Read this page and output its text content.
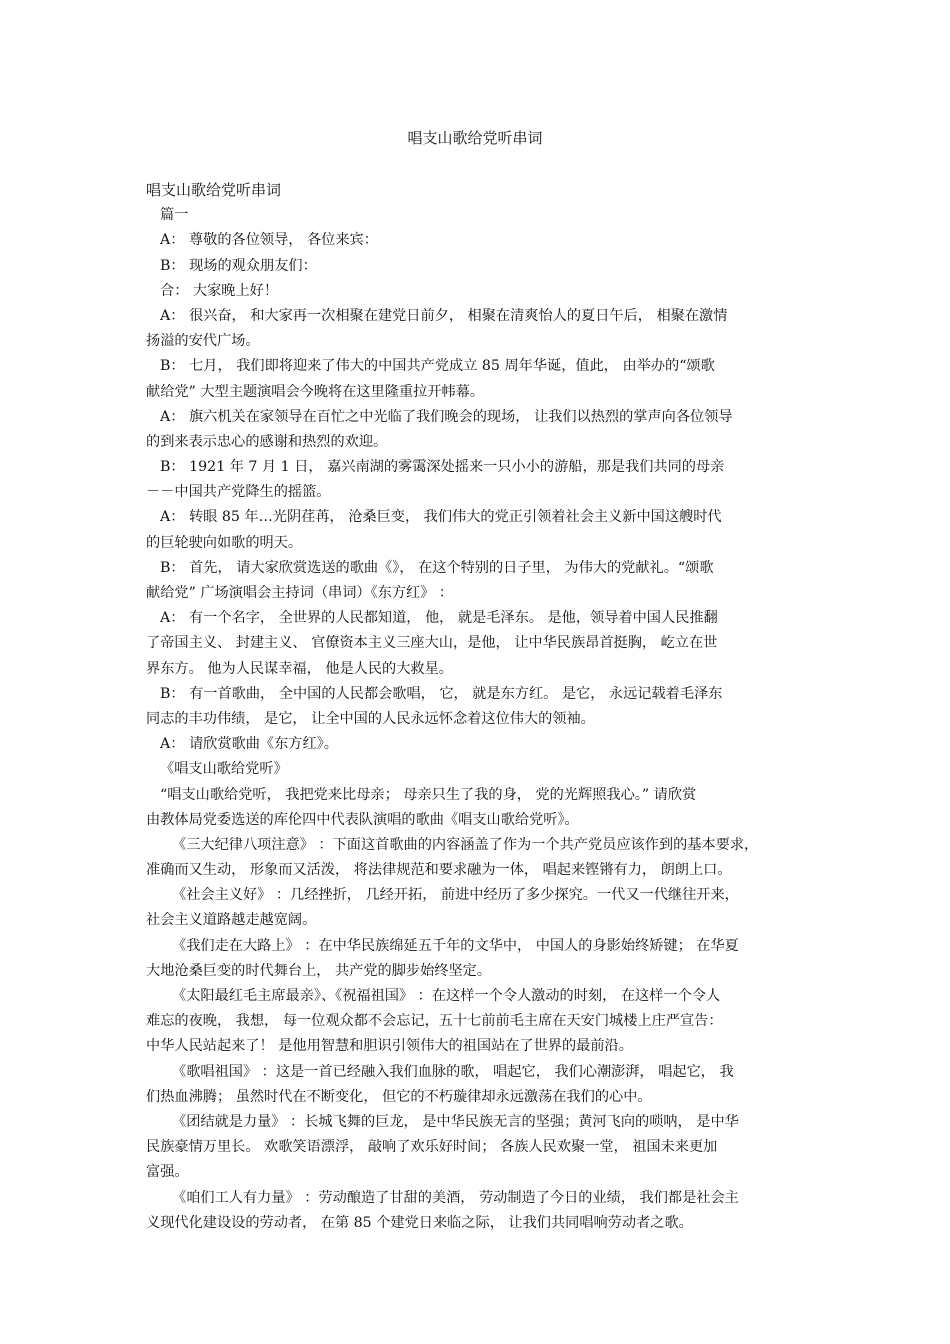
唱支山歌给党听串词
唱支山歌给党听串词
篇一
A： 尊敬的各位领导， 各位来宾：
B： 现场的观众朋友们：
合： 大家晚上好！
A： 很兴奋， 和大家再一次相聚在建党日前夕， 相聚在清爽怡人的夏日午后， 相聚在激情
扬溢的安代广场。
B： 七月， 我们即将迎来了伟大的中国共产党成立 85 周年华诞，值此， 由举办的“颂歌
献给党” 大型主题演唱会今晚将在这里隆重拉开帏幕。
A： 旗六机关在家领导在百忙之中光临了我们晚会的现场， 让我们以热烈的掌声向各位领导
的到来表示忠心的感谢和热烈的欢迎。
B： 1921 年 7 月 1 日， 嘉兴南湖的雾霭深处摇来一只小小的游船，那是我们共同的母亲
－－中国共产党降生的摇篮。
A： 转眼 85 年…光阴荏苒， 沧桑巨变， 我们伟大的党正引领着社会主义新中国这艘时代
的巨轮驶向如歌的明天。
B： 首先， 请大家欣赏选送的歌曲《》， 在这个特别的日子里， 为伟大的党献礼。“颂歌
献给党” 广场演唱会主持词（串词）《东方红》 ：
A： 有一个名字， 全世界的人民都知道， 他， 就是毛泽东。 是他，领导着中国人民推翻
了帝国主义、 封建主义、 官僚资本主义三座大山，是他， 让中华民族昂首挺胸， 屹立在世
界东方。 他为人民谋幸福， 他是人民的大救星。
B： 有一首歌曲， 全中国的人民都会歌唱， 它， 就是东方红。 是它， 永远记载着毛泽东
同志的丰功伟绩， 是它， 让全中国的人民永远怀念着这位伟大的领袖。
A： 请欣赏歌曲《东方红》。
《唱支山歌给党听》
“唱支山歌给党听， 我把党来比母亲； 母亲只生了我的身， 党的光辉照我心。” 请欣赏
由教体局党委选送的库伦四中代表队演唱的歌曲《唱支山歌给党听》。
《三大纪律八项注意》 ：下面这首歌曲的内容涵盖了作为一个共产党员应该作到的基本要求，
准确而又生动， 形象而又活泼， 将法律规范和要求融为一体， 唱起来铿锵有力， 朗朗上口。
《社会主义好》 ：几经挫折， 几经开拓， 前进中经历了多少探究。一代又一代继往开来，
社会主义道路越走越宽阔。
《我们走在大路上》 ：在中华民族绵延五千年的文华中， 中国人的身影始终矫键； 在华夏
大地沧桑巨变的时代舞台上， 共产党的脚步始终坚定。
《太阳最红毛主席最亲》、《祝福祖国》 ：在这样一个令人激动的时刻， 在这样一个令人
难忘的夜晚， 我想， 每一位观众都不会忘记，五十七前前毛主席在天安门城楼上庄严宣告：
中华人民站起来了！ 是他用智慧和胆识引领伟大的祖国站在了世界的最前沿。
《歌唱祖国》 ：这是一首已经融入我们血脉的歌， 唱起它， 我们心潮澎湃， 唱起它， 我
们热血沸腾； 虽然时代在不断变化， 但它的不朽璇律却永远激荡在我们的心中。
《团结就是力量》 ：长城飞舞的巨龙， 是中华民族无言的坚强；黄河飞向的唢呐， 是中华
民族豪情万里长。 欢歌笑语漂浮， 敲响了欢乐好时间； 各族人民欢聚一堂， 祖国未来更加
富强。
《咱们工人有力量》 ：劳动酿造了甘甜的美酒， 劳动制造了今日的业绩， 我们都是社会主
义现代化建设设的劳动者， 在第 85 个建党日来临之际， 让我们共同唱响劳动者之歌。
